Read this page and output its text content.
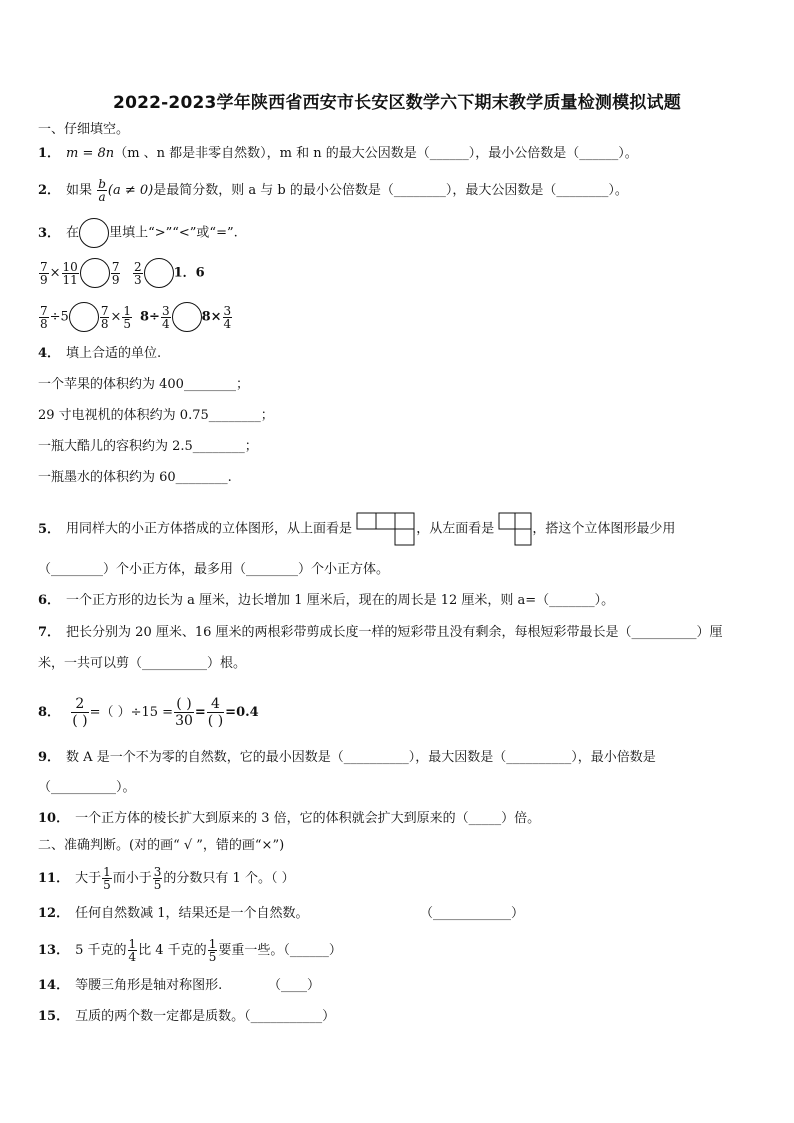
2022-2023学年陕西省西安市长安区数学六下期末教学质量检测模拟试题
一、仔细填空。
1． m = 8n（m 、n 都是非零自然数），m 和 n 的最大公因数是（______），最小公倍数是（______）。
2． 如果 $\frac{b}{a} (a \ne 0)$是最简分数，则 a 与 b 的最小公倍数是（________），最大公因数是（________）。
3． 在 里填上“>”“<”或“=”.
$\frac{7}{9} \times \frac{10}{11}$	$\frac{7}{9} \frac{2}{3} 1$．6
$\frac{7}{8} \div 5$	$\frac{7}{8} \times \frac{1}{5} 8\div \frac{3}{4} 8\times \frac{3}{4}$
4． 填上合适的单位.
一个苹果的体积约为 400________；
29 寸电视机的体积约为 0.75________；
一瓶大酷儿的容积约为 2.5________；
一瓶墨水的体积约为 60________.
5． 用同样大的小正方体搭成的立体图形，从上面看是	，从左面看是	，搭这个立体图形最少用
（________）个小正方体，最多用（________）个小正方体。
6． 一个正方形的边长为 a 厘米，边长增加 1 厘米后，现在的周长是 12 厘米，则 a=（_______）。
7． 把长分别为 20 厘米、16 厘米的两根彩带剪成长度一样的短彩带且没有剩余，每根短彩带最长是（__________）厘
米，一共可以剪（__________）根。
8． $\frac{2}{( )}$ =（ ）$\div 15 = \frac{( )}{30} = \frac{4}{( )} =0.4$
9． 数 A 是一个不为零的自然数，它的最小因数是（__________），最大因数是（__________），最小倍数是
（__________）。
10． 一个正方体的棱长扩大到原来的 3 倍，它的体积就会扩大到原来的（_____）倍。
二、准确判断。(对的画“ √ ”，错的画“×”)
11． 大于 $\frac{1}{5}$ 而小于 $\frac{3}{5}$ 的分数只有 1 个。（ ）
12． 任何自然数减 1，结果还是一个自然数。	（____________）
13． 5 千克的 $\frac{1}{4}$ 比 4 千克的 $\frac{1}{5}$ 要重一些。（______）
14． 等腰三角形是轴对称图形.	（____）
15． 互质的两个数一定都是质数。（___________）
